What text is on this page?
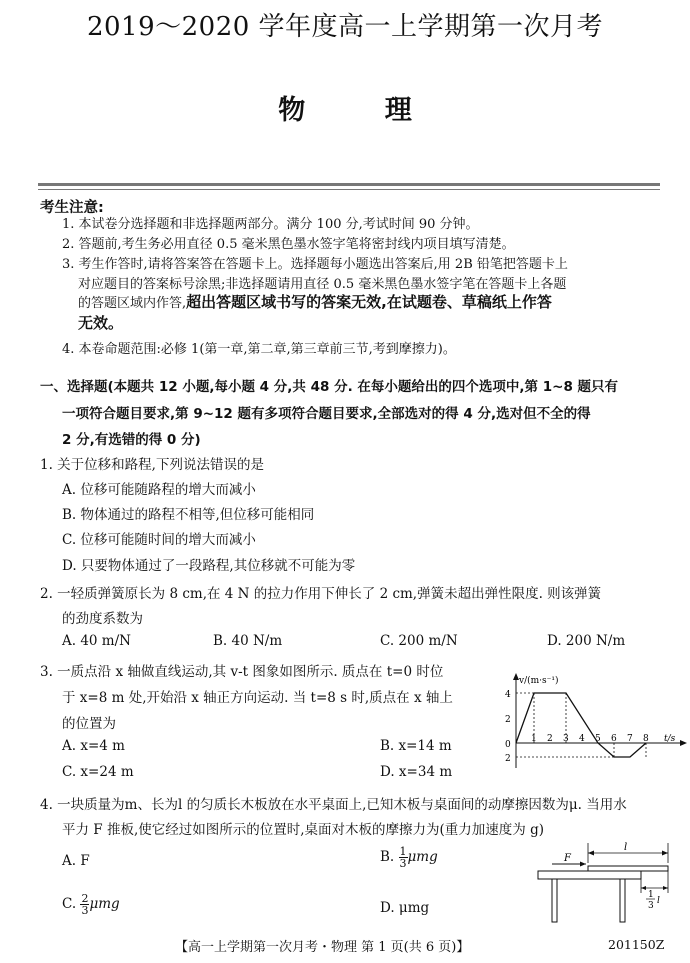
2019～2020 学年度高一上学期第一次月考
物 理
考生注意:
1. 本试卷分选择题和非选择题两部分。满分 100 分,考试时间 90 分钟。
2. 答题前,考生务必用直径 0.5 毫米黑色墨水签字笔将密封线内项目填写清楚。
3. 考生作答时,请将答案答在答题卡上。选择题每小题选出答案后,用 2B 铅笔把答题卡上
对应题目的答案标号涂黑;非选择题请用直径 0.5 毫米黑色墨水签字笔在答题卡上各题
的答题区域内作答,超出答题区域书写的答案无效,在试题卷、草稿纸上作答
无效。
4. 本卷命题范围:必修 1(第一章,第二章,第三章前三节,考到摩擦力)。
一、选择题(本题共 12 小题,每小题 4 分,共 48 分. 在每小题给出的四个选项中,第 1~8 题只有
一项符合题目要求,第 9~12 题有多项符合题目要求,全部选对的得 4 分,选对但不全的得
2 分,有选错的得 0 分)
1. 关于位移和路程,下列说法错误的是
A. 位移可能随路程的增大而减小
B. 物体通过的路程不相等,但位移可能相同
C. 位移可能随时间的增大而减小
D. 只要物体通过了一段路程,其位移就不可能为零
2. 一轻质弹簧原长为 8 cm,在 4 N 的拉力作用下伸长了 2 cm,弹簧未超出弹性限度. 则该弹簧
的劲度系数为
A. 40 m/N	B. 40 N/m	C. 200 m/N	D. 200 N/m
3. 一质点沿 x 轴做直线运动,其 v-t 图象如图所示. 质点在 t=0 时位
于 x=8 m 处,开始沿 x 轴正方向运动. 当 t=8 s 时,质点在 x 轴上
的位置为
A. x=4 m	B. x=14 m
C. x=24 m	D. x=34 m
v/(m·s⁻¹)
4
2
0
2
1 2 3 4 5 6 7 8 t/s
4. 一块质量为m、长为l 的匀质长木板放在水平桌面上,已知木板与桌面间的动摩擦因数为μ. 当用水
平力 F 推板,使它经过如图所示的位置时,桌面对木板的摩擦力为(重力加速度为 g)
A. F	B. $\frac{1}{3}$ μmg
C. $\frac{2}{3}$ μmg	D. μmg
l
F
1
3 l
【高一上学期第一次月考・物理 第 1 页(共 6 页)】	201150Z
